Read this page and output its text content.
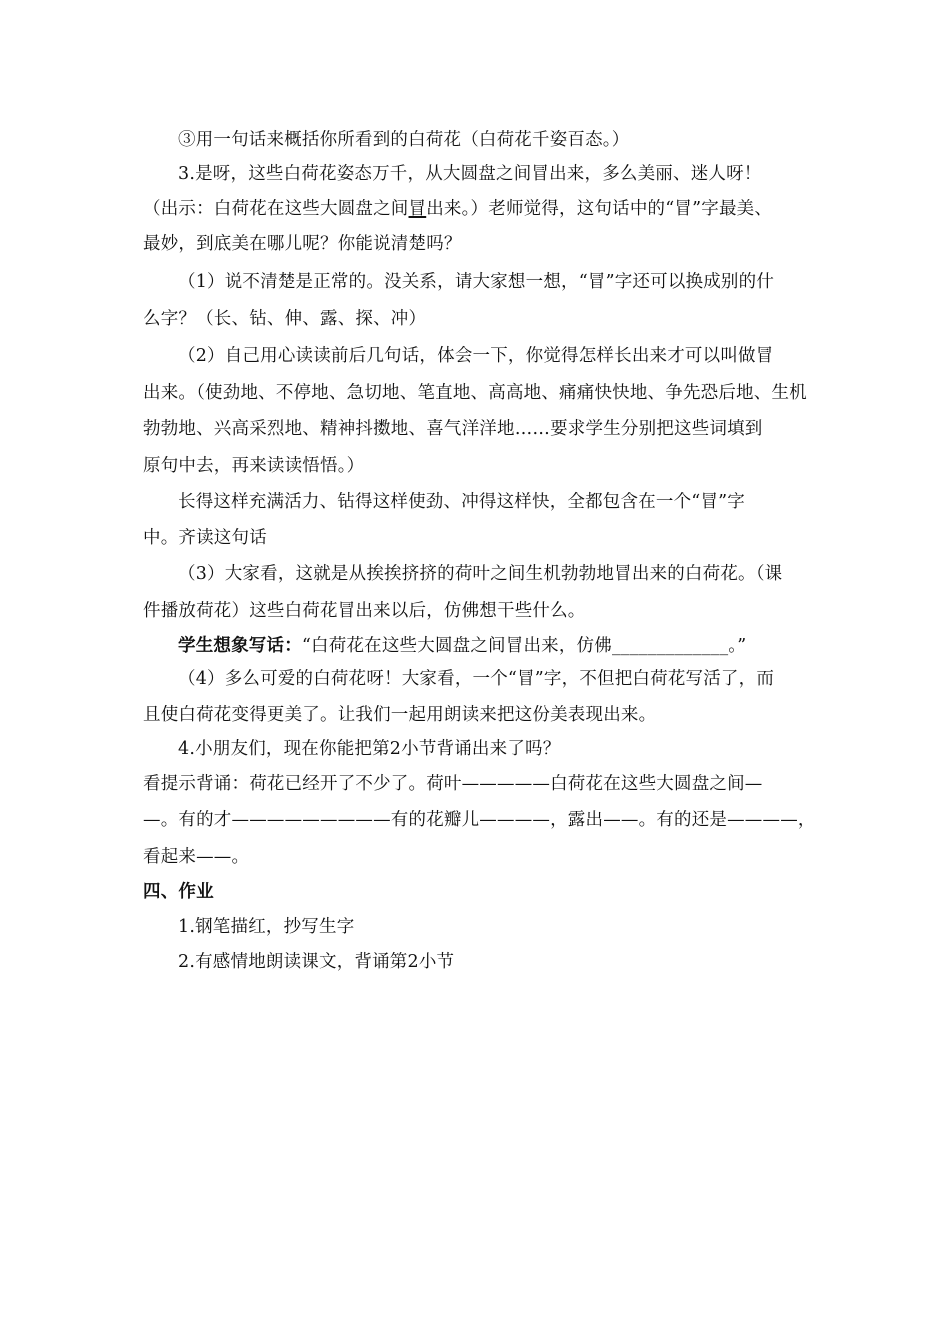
③用一句话来概括你所看到的白荷花（白荷花千姿百态。）
3.是呀，这些白荷花姿态万千，从大圆盘之间冒出来，多么美丽、迷人呀！
（出示：白荷花在这些大圆盘之间冒出来。）老师觉得，这句话中的“冒”字最美、
最妙，到底美在哪儿呢？你能说清楚吗？
（1）说不清楚是正常的。没关系，请大家想一想，“冒”字还可以换成别的什
么字？（长、钻、伸、露、探、冲）
（2）自己用心读读前后几句话，体会一下，你觉得怎样长出来才可以叫做冒
出来。（使劲地、不停地、急切地、笔直地、高高地、痛痛快快地、争先恐后地、生机
勃勃地、兴高采烈地、精神抖擞地、喜气洋洋地……要求学生分别把这些词填到
原句中去，再来读读悟悟。）
长得这样充满活力、钻得这样使劲、冲得这样快，全都包含在一个“冒”字
中。齐读这句话
（3）大家看，这就是从挨挨挤挤的荷叶之间生机勃勃地冒出来的白荷花。（课
件播放荷花）这些白荷花冒出来以后，仿佛想干些什么。
学生想象写话：“白荷花在这些大圆盘之间冒出来，仿佛_____________。”
（4）多么可爱的白荷花呀！大家看，一个“冒”字，不但把白荷花写活了，而
且使白荷花变得更美了。让我们一起用朗读来把这份美表现出来。
4.小朋友们，现在你能把第2小节背诵出来了吗？
看提示背诵：荷花已经开了不少了。荷叶—————白荷花在这些大圆盘之间—
—。有的才—————————有的花瓣儿————，露出——。有的还是————，
看起来——。
四、作业
1.钢笔描红，抄写生字
2.有感情地朗读课文，背诵第2小节
